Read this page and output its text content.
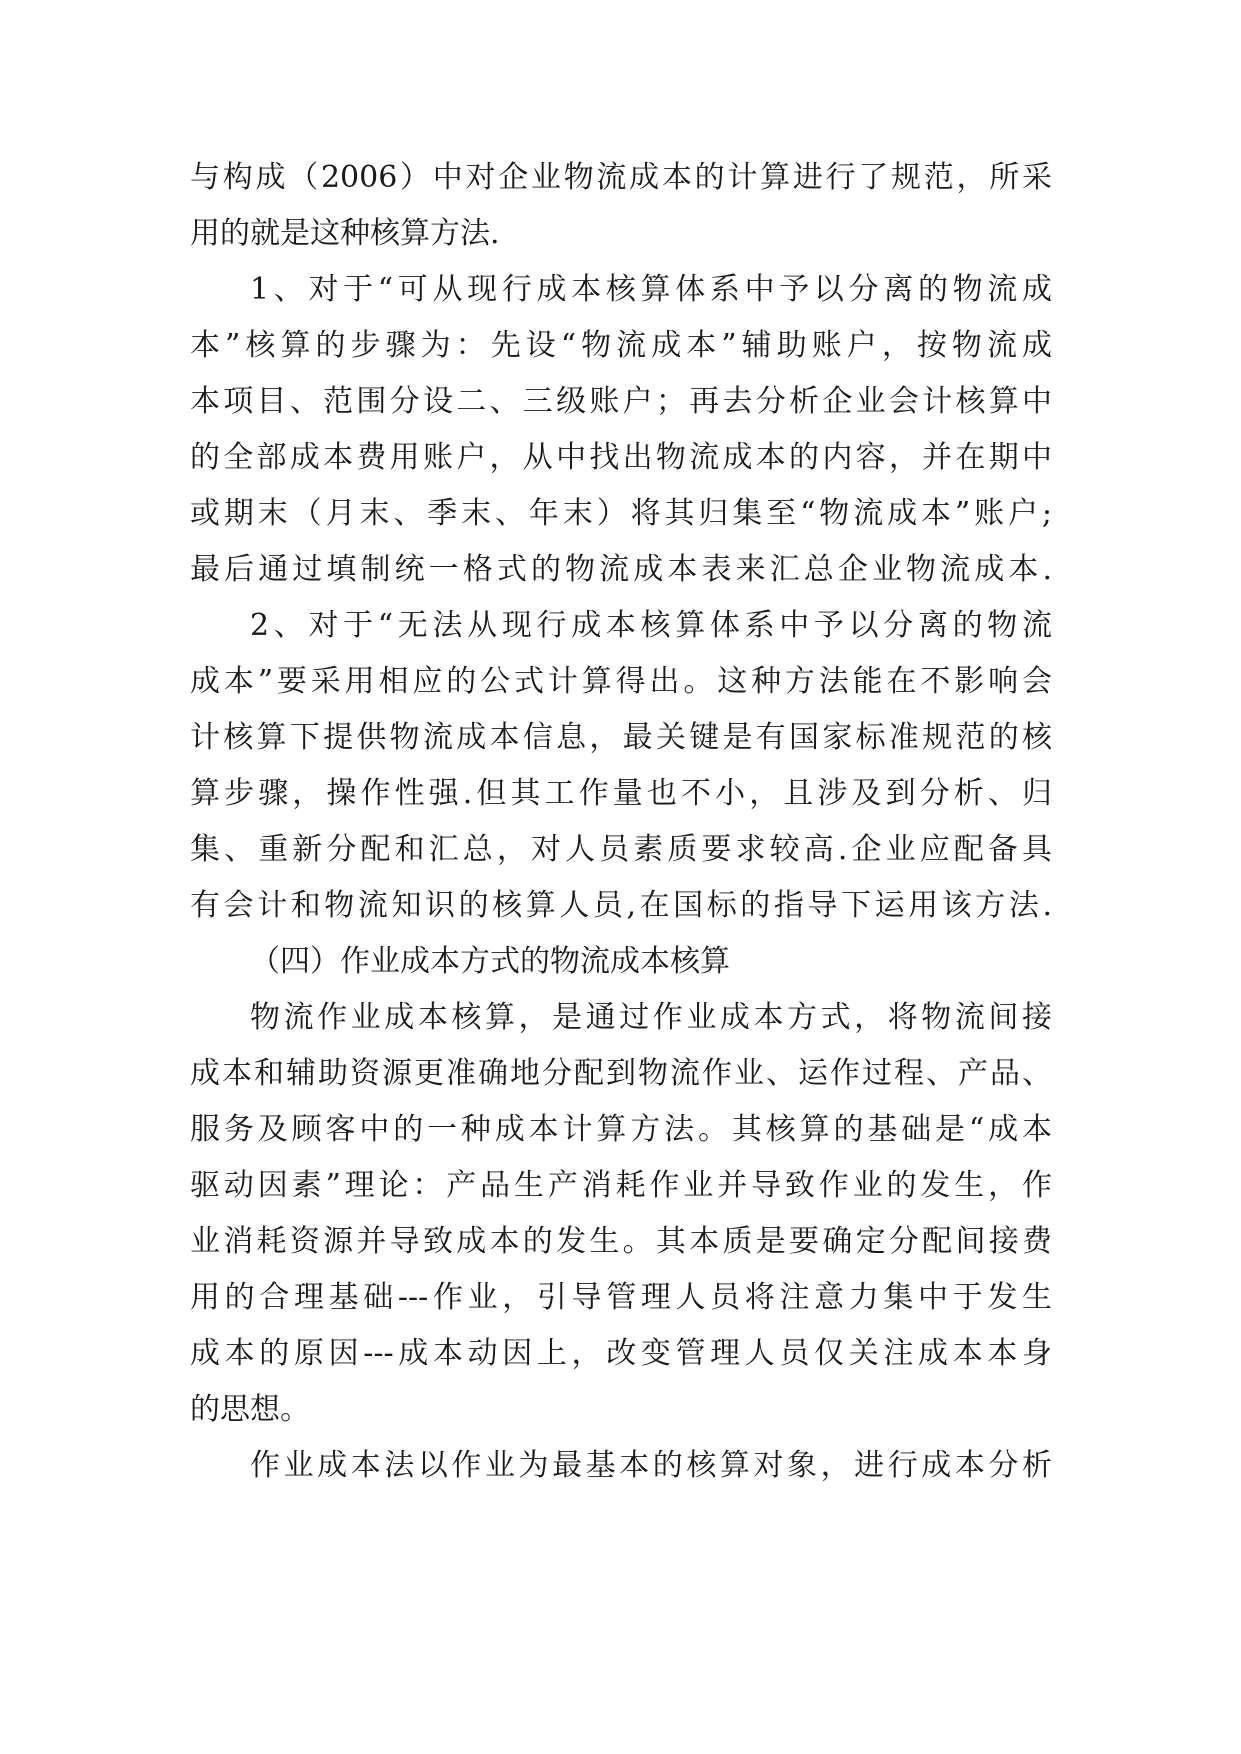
与构成（2006）中对企业物流成本的计算进行了规范，所采
用的就是这种核算方法.
1、对于“可从现行成本核算体系中予以分离的物流成
本”核算的步骤为：先设“物流成本”辅助账户，按物流成
本项目、范围分设二、三级账户；再去分析企业会计核算中
的全部成本费用账户，从中找出物流成本的内容，并在期中
或期末（月末、季末、年末）将其归集至“物流成本”账户;
最后通过填制统一格式的物流成本表来汇总企业物流成本.
2、对于“无法从现行成本核算体系中予以分离的物流
成本”要采用相应的公式计算得出。这种方法能在不影响会
计核算下提供物流成本信息，最关键是有国家标准规范的核
算步骤，操作性强.但其工作量也不小，且涉及到分析、归
集、重新分配和汇总，对人员素质要求较高.企业应配备具
有会计和物流知识的核算人员,在国标的指导下运用该方法.
（四）作业成本方式的物流成本核算
物流作业成本核算，是通过作业成本方式，将物流间接
成本和辅助资源更准确地分配到物流作业、运作过程、产品、
服务及顾客中的一种成本计算方法。其核算的基础是“成本
驱动因素”理论：产品生产消耗作业并导致作业的发生，作
业消耗资源并导致成本的发生。其本质是要确定分配间接费
用的合理基础---作业，引导管理人员将注意力集中于发生
成本的原因---成本动因上，改变管理人员仅关注成本本身
的思想。
作业成本法以作业为最基本的核算对象，进行成本分析
